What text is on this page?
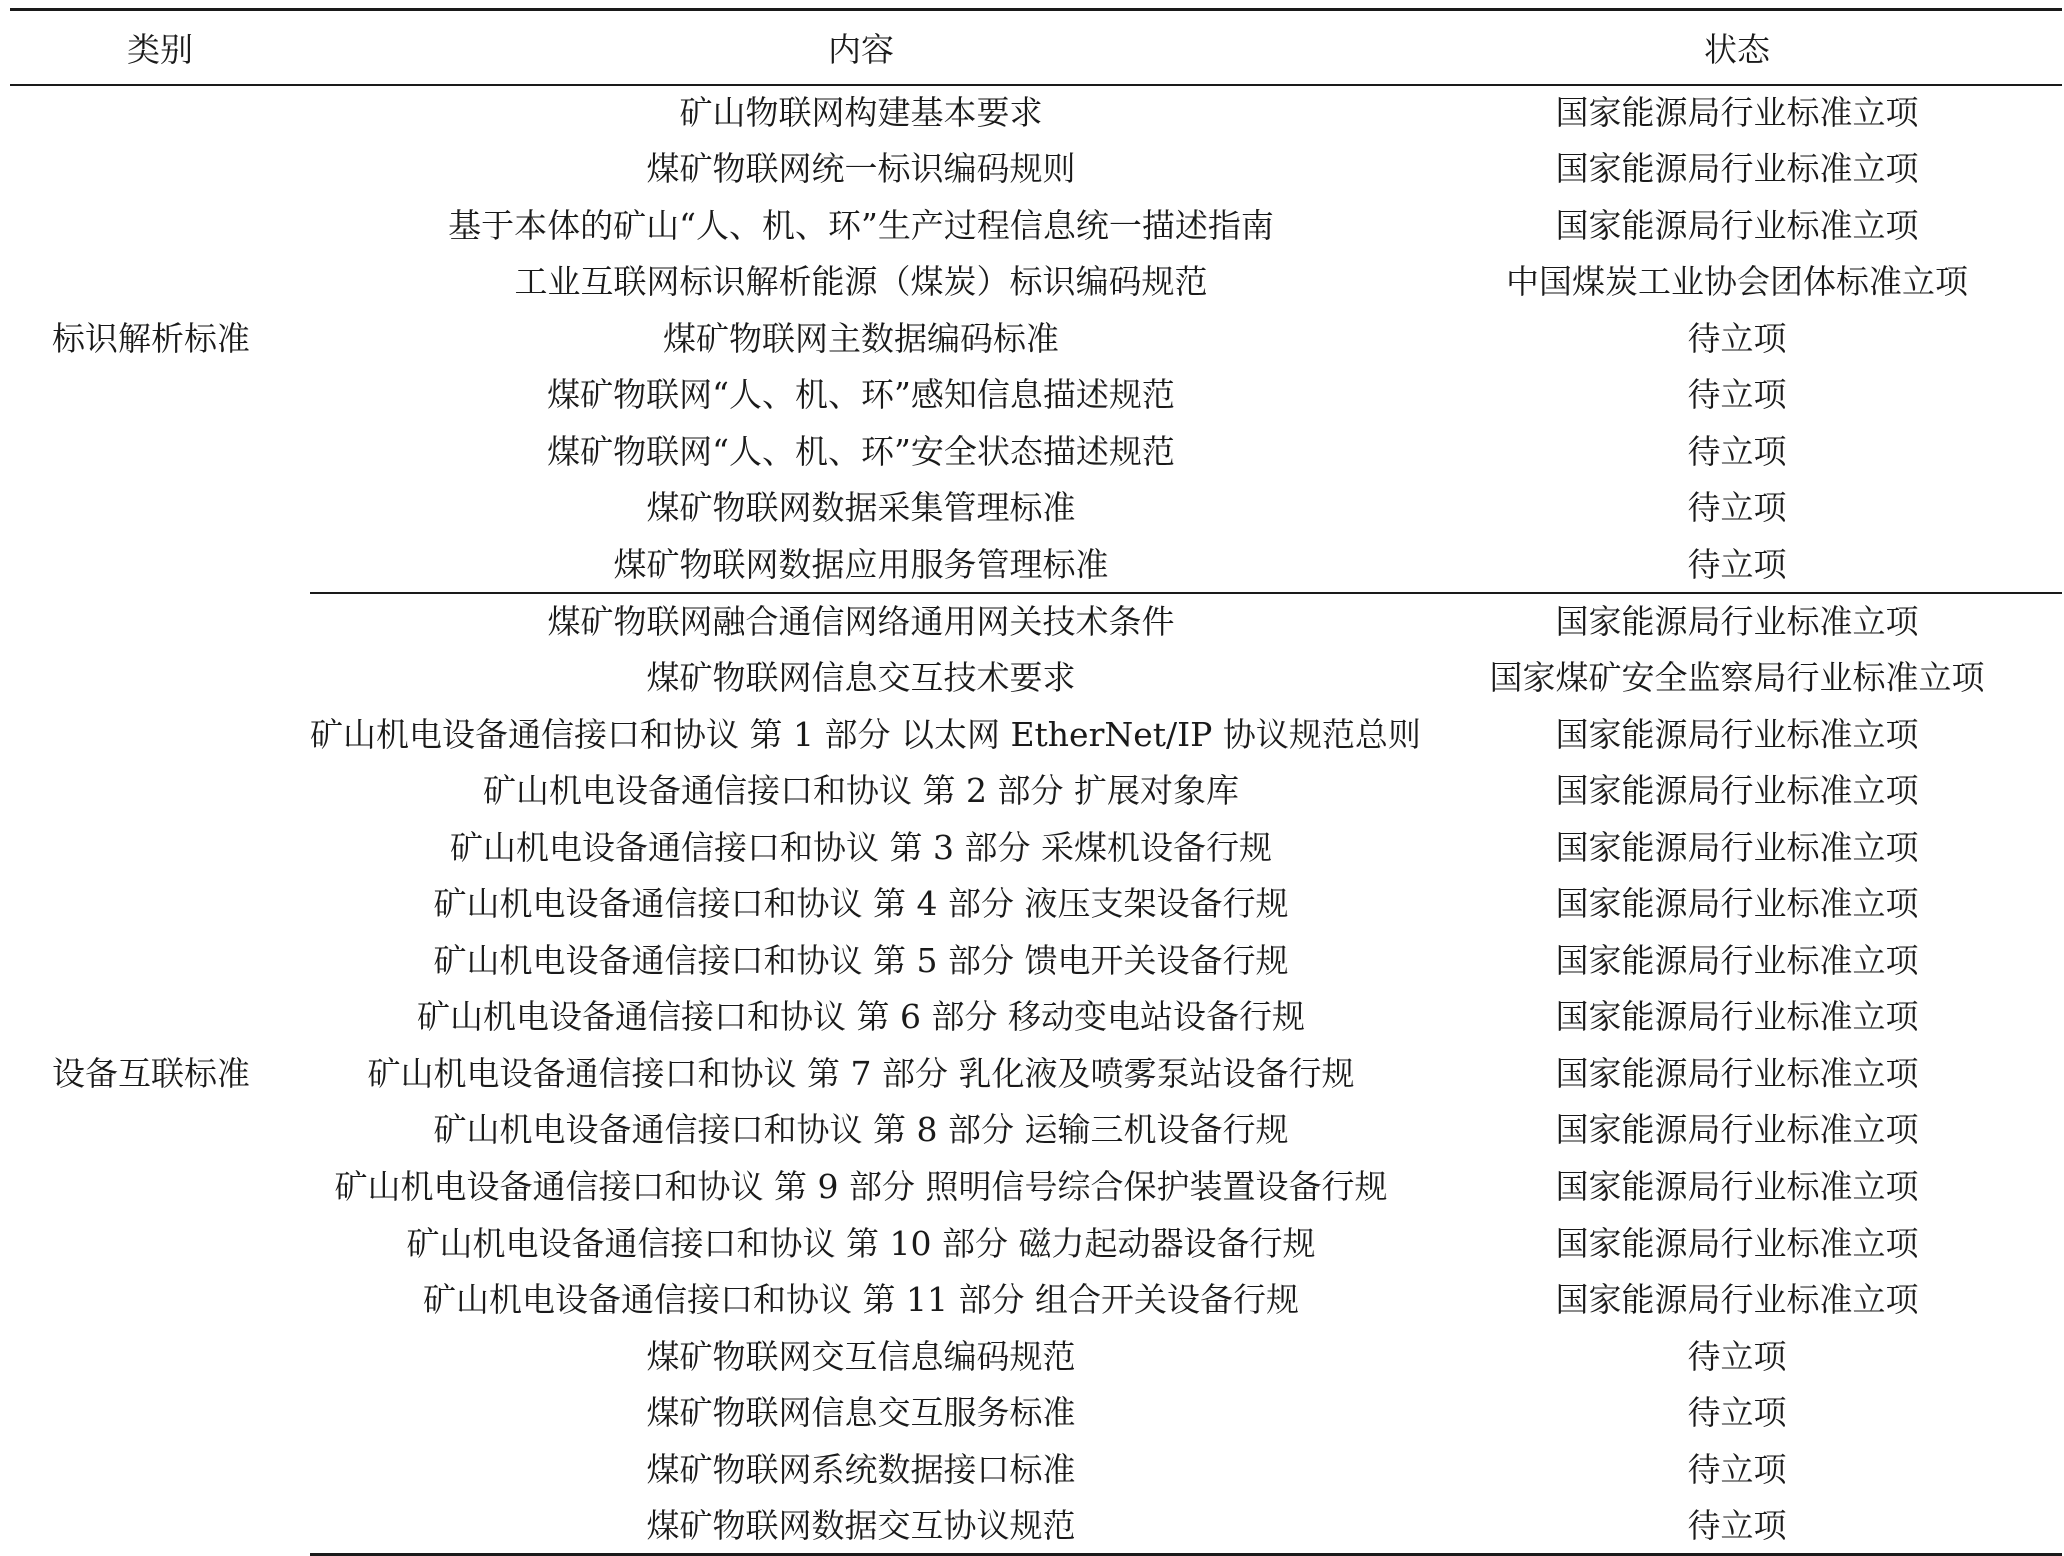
类别	内容	状态
标识解析标准	矿山物联网构建基本要求	国家能源局行业标准立项
	煤矿物联网统一标识编码规则	国家能源局行业标准立项
	基于本体的矿山“人、机、环”生产过程信息统一描述指南	国家能源局行业标准立项
	工业互联网标识解析能源（煤炭）标识编码规范	中国煤炭工业协会团体标准立项
	煤矿物联网主数据编码标准	待立项
	煤矿物联网“人、机、环”感知信息描述规范	待立项
	煤矿物联网“人、机、环”安全状态描述规范	待立项
	煤矿物联网数据采集管理标准	待立项
	煤矿物联网数据应用服务管理标准	待立项
设备互联标准	煤矿物联网融合通信网络通用网关技术条件	国家能源局行业标准立项
	煤矿物联网信息交互技术要求	国家煤矿安全监察局行业标准立项
	矿山机电设备通信接口和协议 第 1 部分 以太网 EtherNet/IP 协议规范总则	国家能源局行业标准立项
	矿山机电设备通信接口和协议 第 2 部分 扩展对象库	国家能源局行业标准立项
	矿山机电设备通信接口和协议 第 3 部分 采煤机设备行规	国家能源局行业标准立项
	矿山机电设备通信接口和协议 第 4 部分 液压支架设备行规	国家能源局行业标准立项
	矿山机电设备通信接口和协议 第 5 部分 馈电开关设备行规	国家能源局行业标准立项
	矿山机电设备通信接口和协议 第 6 部分 移动变电站设备行规	国家能源局行业标准立项
	矿山机电设备通信接口和协议 第 7 部分 乳化液及喷雾泵站设备行规	国家能源局行业标准立项
	矿山机电设备通信接口和协议 第 8 部分 运输三机设备行规	国家能源局行业标准立项
	矿山机电设备通信接口和协议 第 9 部分 照明信号综合保护装置设备行规	国家能源局行业标准立项
	矿山机电设备通信接口和协议 第 10 部分 磁力起动器设备行规	国家能源局行业标准立项
	矿山机电设备通信接口和协议 第 11 部分 组合开关设备行规	国家能源局行业标准立项
	煤矿物联网交互信息编码规范	待立项
	煤矿物联网信息交互服务标准	待立项
	煤矿物联网系统数据接口标准	待立项
	煤矿物联网数据交互协议规范	待立项
